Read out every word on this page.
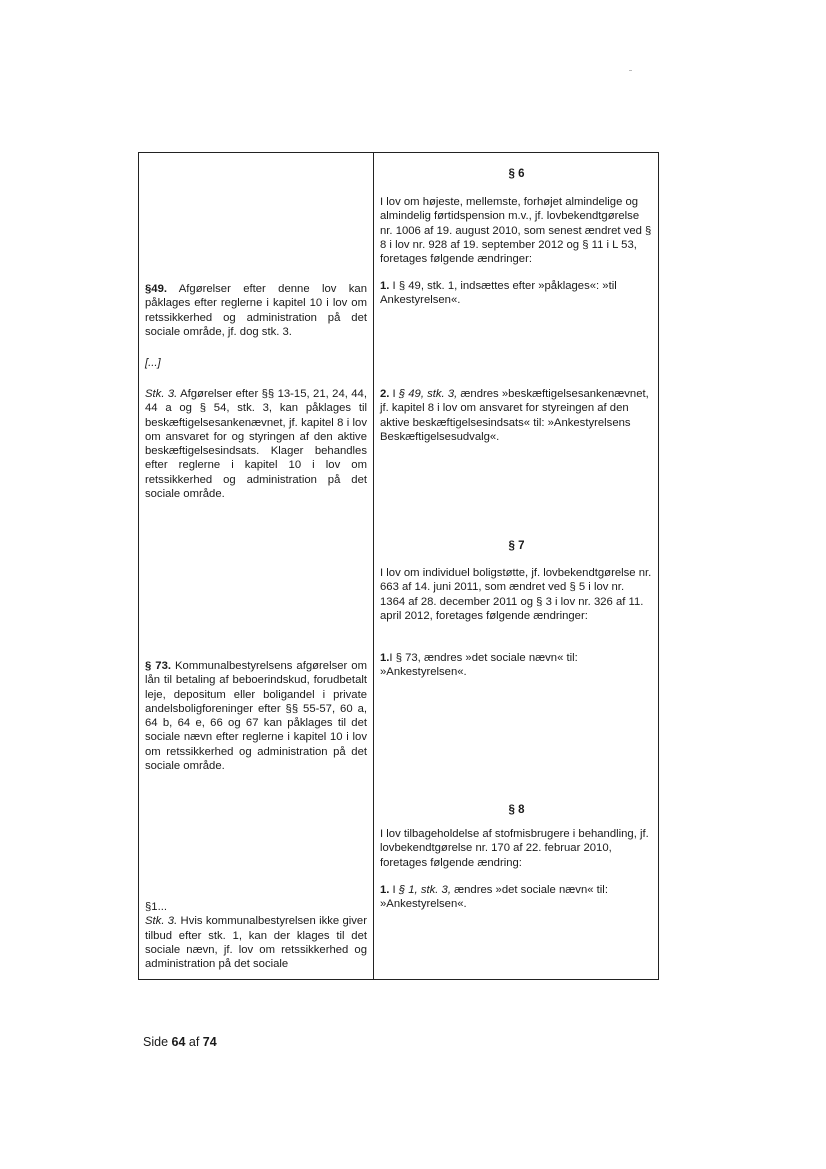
§ 6
I lov om højeste, mellemste, forhøjet almindelige og almindelig førtidspension m.v., jf. lovbekendtgørelse nr. 1006 af 19. august 2010, som senest ændret ved § 8 i lov nr. 928 af 19. september 2012 og § 11 i L 53, foretages følgende ændringer:
1. I § 49, stk. 1, indsættes efter »påklages«: »til Ankestyrelsen«.
§49. Afgørelser efter denne lov kan påklages efter reglerne i kapitel 10 i lov om retssikkerhed og administration på det sociale område, jf. dog stk. 3.
[...]
Stk. 3. Afgørelser efter §§ 13-15, 21, 24, 44, 44 a og § 54, stk. 3, kan påklages til beskæftigelsesankenævnet, jf. kapitel 8 i lov om ansvaret for og styringen af den aktive beskæftigelsesindsats. Klager behandles efter reglerne i kapitel 10 i lov om retssikkerhed og administration på det sociale område.
2. I § 49, stk. 3, ændres »beskæftigelsesankenævnet, jf. kapitel 8 i lov om ansvaret for styreingen af den aktive beskæftigelsesindsats« til: »Ankestyrelsens Beskæftigelsesudvalg«.
§ 7
I lov om individuel boligstøtte, jf. lovbekendtgørelse nr. 663 af 14. juni 2011, som ændret ved § 5 i lov nr. 1364 af 28. december 2011 og § 3 i lov nr. 326 af 11. april 2012, foretages følgende ændringer:
1.I § 73, ændres »det sociale nævn« til: »Ankestyrelsen«.
§ 73. Kommunalbestyrelsens afgørelser om lån til betaling af beboerindskud, forudbetalt leje, depositum eller boligandel i private andelsboligforeninger efter §§ 55-57, 60 a, 64 b, 64 e, 66 og 67 kan påklages til det sociale nævn efter reglerne i kapitel 10 i lov om retssikkerhed og administration på det sociale område.
§ 8
I lov tilbageholdelse af stofmisbrugere i behandling, jf. lovbekendtgørelse nr. 170 af 22. februar 2010, foretages følgende ændring:
1. I § 1, stk. 3, ændres »det sociale nævn« til: »Ankestyrelsen«.
§1...
Stk. 3. Hvis kommunalbestyrelsen ikke giver tilbud efter stk. 1, kan der klages til det sociale nævn, jf. lov om retssikkerhed og administration på det sociale
Side 64 af 74
